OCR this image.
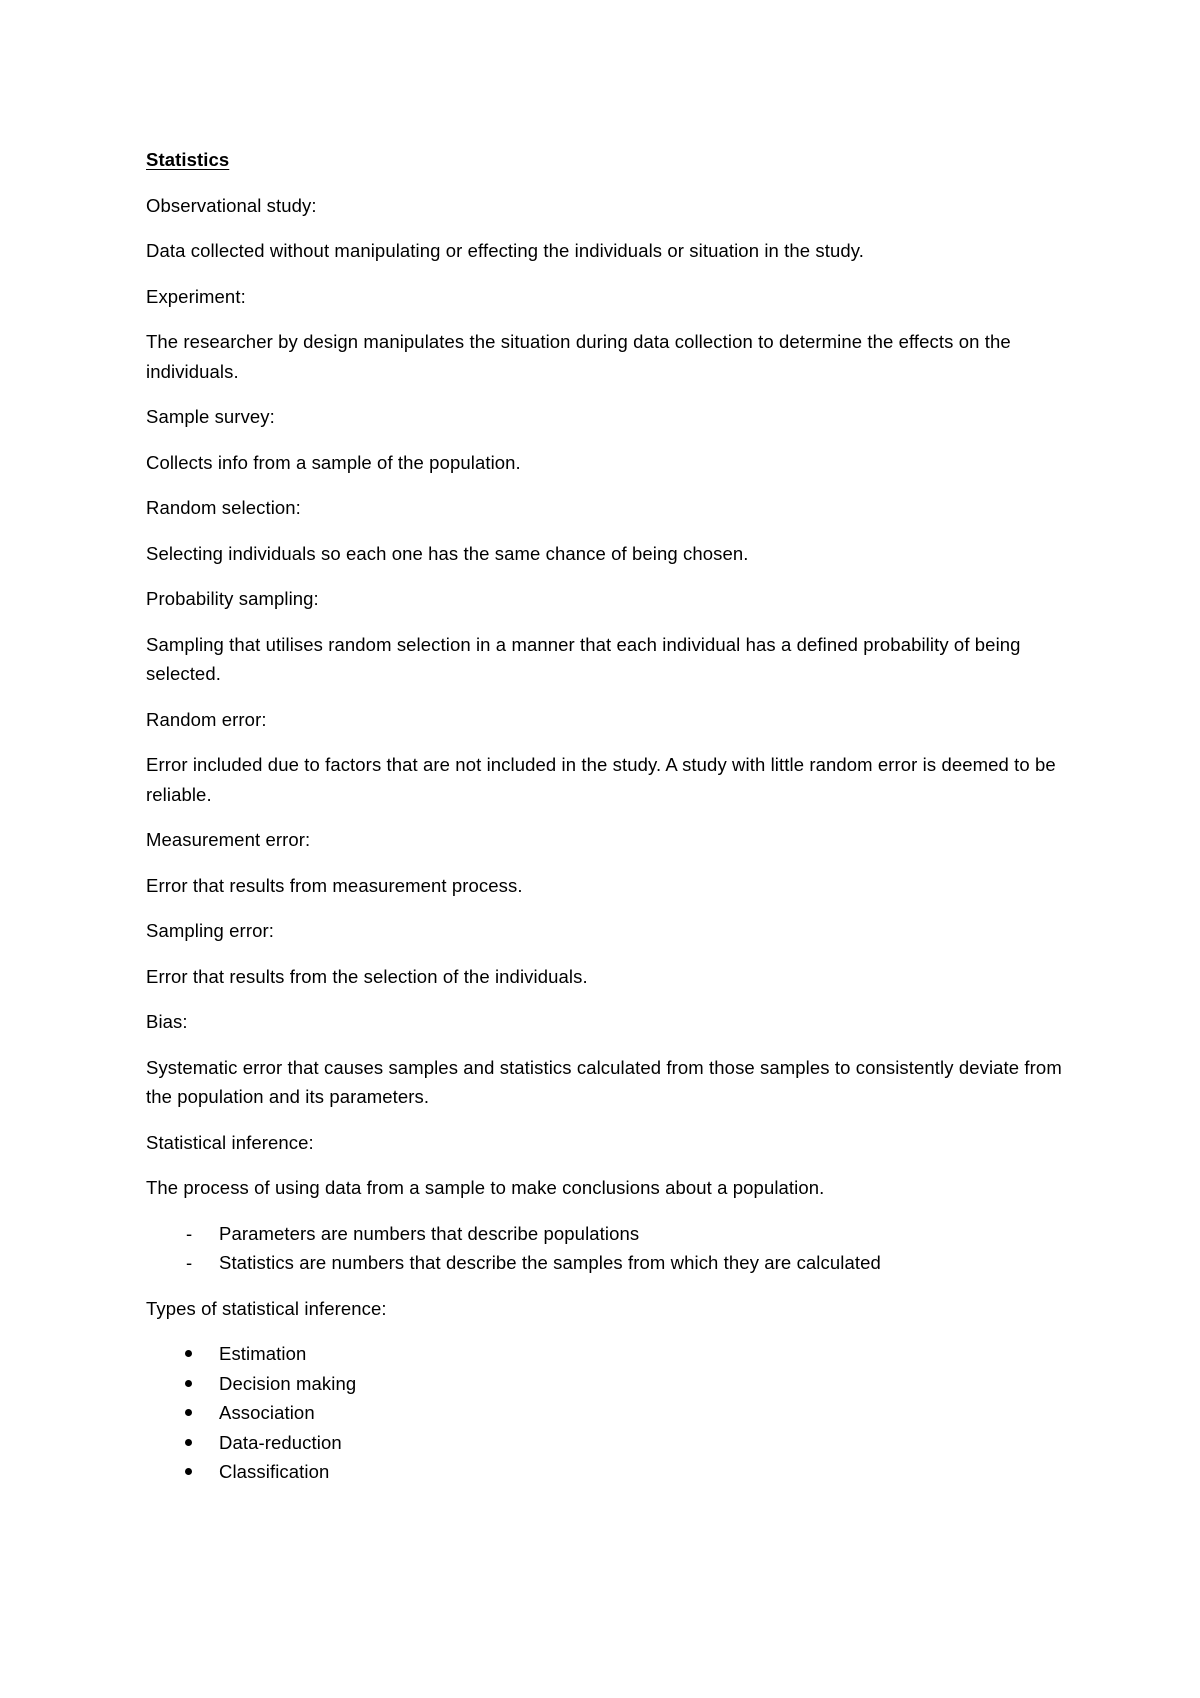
Statistics
Observational study:
Data collected without manipulating or effecting the individuals or situation in the study.
Experiment:
The researcher by design manipulates the situation during data collection to determine the effects on the individuals.
Sample survey:
Collects info from a sample of the population.
Random selection:
Selecting individuals so each one has the same chance of being chosen.
Probability sampling:
Sampling that utilises random selection in a manner that each individual has a defined probability of being selected.
Random error:
Error included due to factors that are not included in the study. A study with little random error is deemed to be reliable.
Measurement error:
Error that results from measurement process.
Sampling error:
Error that results from the selection of the individuals.
Bias:
Systematic error that causes samples and statistics calculated from those samples to consistently deviate from the population and its parameters.
Statistical inference:
The process of using data from a sample to make conclusions about a population.
- Parameters are numbers that describe populations
- Statistics are numbers that describe the samples from which they are calculated
Types of statistical inference:
Estimation
Decision making
Association
Data-reduction
Classification
